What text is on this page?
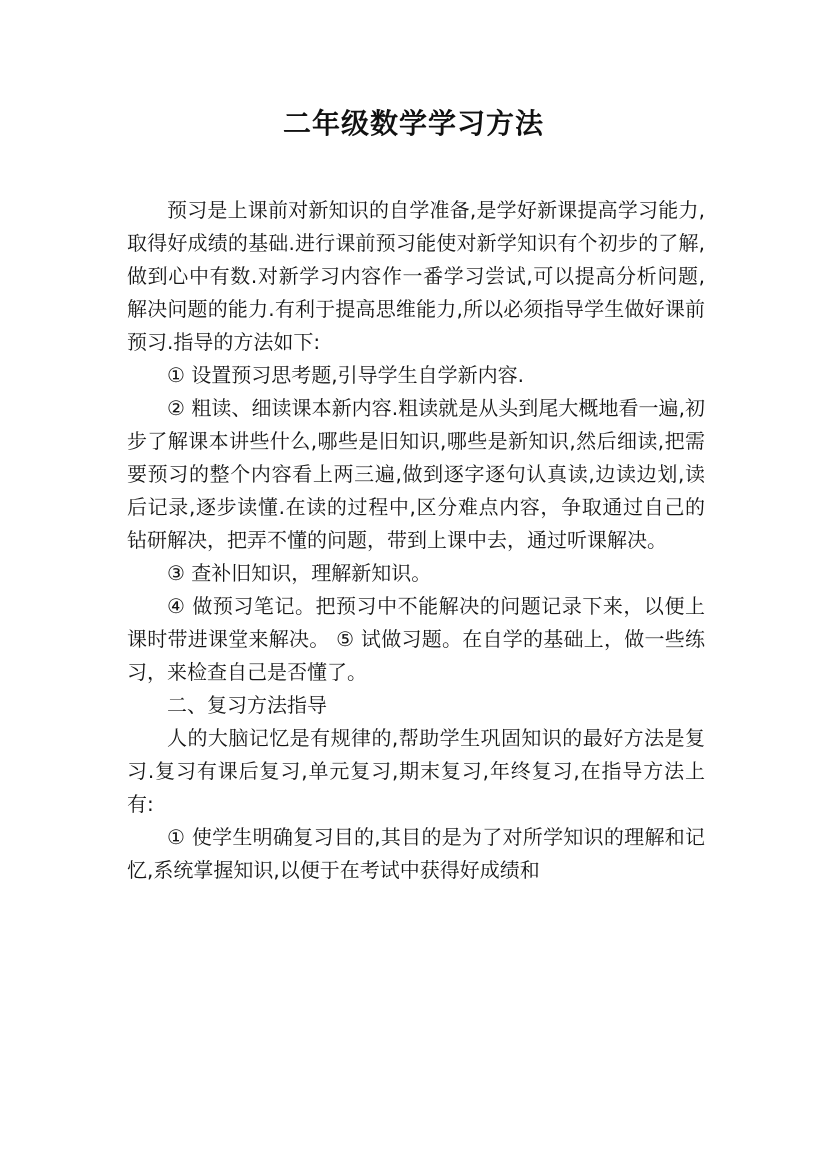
二年级数学学习方法

预习是上课前对新知识的自学准备,是学好新课提高学习能力,取得好成绩的基础.进行课前预习能使对新学知识有个初步的了解,做到心中有数.对新学习内容作一番学习尝试,可以提高分析问题,解决问题的能力.有利于提高思维能力,所以必须指导学生做好课前预习.指导的方法如下:

① 设置预习思考题,引导学生自学新内容.

② 粗读、细读课本新内容.粗读就是从头到尾大概地看一遍,初步了解课本讲些什么,哪些是旧知识,哪些是新知识,然后细读,把需要预习的整个内容看上两三遍,做到逐字逐句认真读,边读边划,读后记录,逐步读懂.在读的过程中,区分难点内容，争取通过自己的钻研解决，把弄不懂的问题，带到上课中去，通过听课解决。

③ 查补旧知识，理解新知识。

④ 做预习笔记。把预习中不能解决的问题记录下来，以便上课时带进课堂来解决。 ⑤ 试做习题。在自学的基础上，做一些练习，来检查自己是否懂了。

二、复习方法指导

人的大脑记忆是有规律的,帮助学生巩固知识的最好方法是复习.复习有课后复习,单元复习,期末复习,年终复习,在指导方法上有:

① 使学生明确复习目的,其目的是为了对所学知识的理解和记忆,系统掌握知识,以便于在考试中获得好成绩和
